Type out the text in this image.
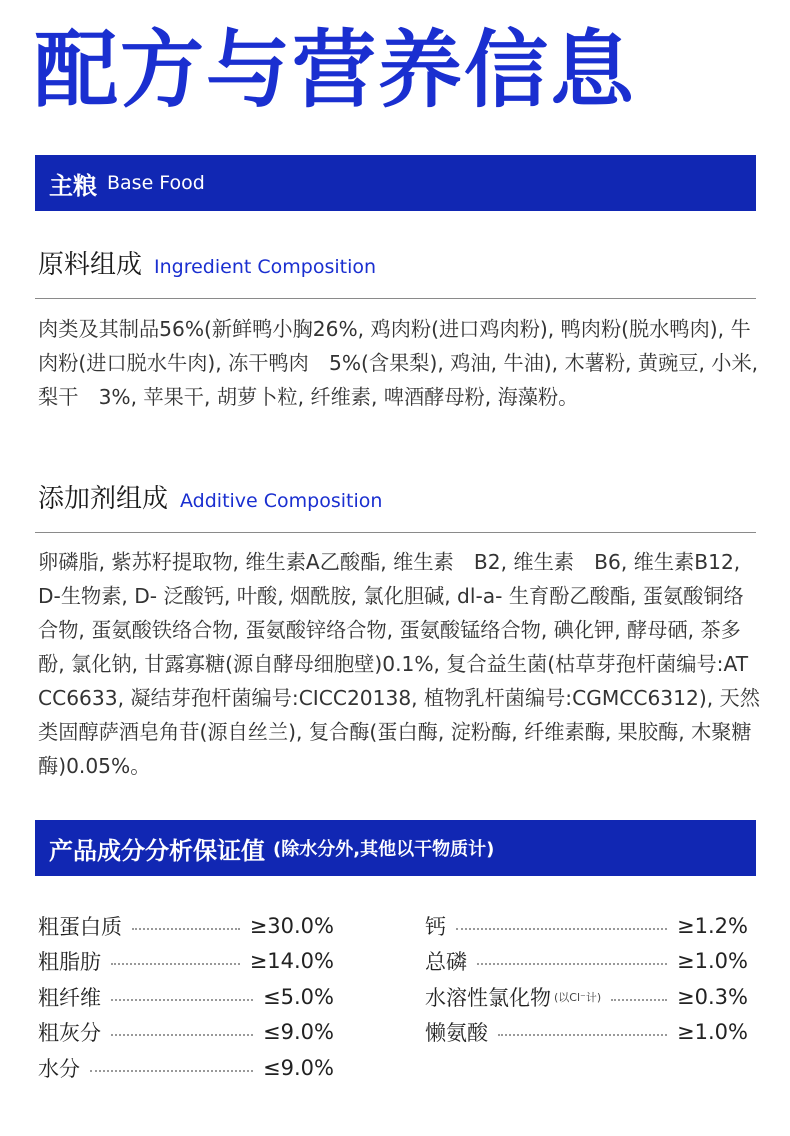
配方与营养信息
主粮 Base Food
原料组成 Ingredient Composition

肉类及其制品56%(新鲜鸭小胸26%, 鸡肉粉(进口鸡肉粉), 鸭肉粉(脱水鸭肉), 牛肉粉(进口脱水牛肉), 冻干鸭肉　5%(含果梨), 鸡油, 牛油), 木薯粉, 黄豌豆, 小米, 梨干　3%, 苹果干, 胡萝卜粒, 纤维素, 啤酒酵母粉, 海藻粉。

添加剂组成 Additive Composition

卵磷脂, 紫苏籽提取物, 维生素A乙酸酯, 维生素　B2, 维生素　B6, 维生素B12, D-生物素, D- 泛酸钙, 叶酸, 烟酰胺, 氯化胆碱, dl-a- 生育酚乙酸酯, 蛋氨酸铜络合物, 蛋氨酸铁络合物, 蛋氨酸锌络合物, 蛋氨酸锰络合物, 碘化钾, 酵母硒, 茶多酚, 氯化钠, 甘露寡糖(源自酵母细胞壁)0.1%, 复合益生菌(枯草芽孢杆菌编号:ATCC6633, 凝结芽孢杆菌编号:CICC20138, 植物乳杆菌编号:CGMCC6312), 天然类固醇萨酒皂角苷(源自丝兰), 复合酶(蛋白酶, 淀粉酶, 纤维素酶, 果胶酶, 木聚糖酶)0.05%。

产品成分分析保证值 (除水分外,其他以干物质计)
粗蛋白质	≥30.0%
粗脂肪	≥14.0%
粗纤维	≤5.0%
粗灰分	≤9.0%
水分	≤9.0%
钙	≥1.2%
总磷	≥1.0%
水溶性氯化物 (以Cl⁻计)	≥0.3%
懒氨酸	≥1.0%
